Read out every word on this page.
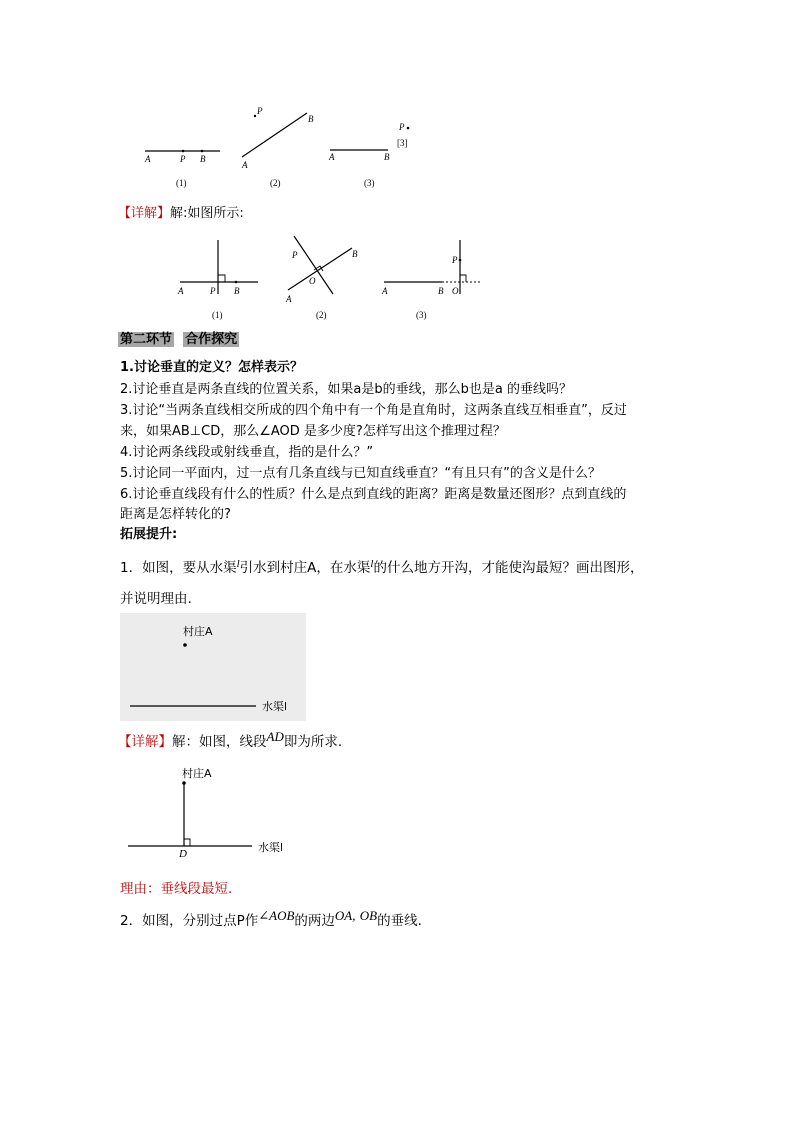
A	P B
(1)
P
A
B
(2)
P
A	B
[3]
(3)
【详解】解:如图所示:
A	P B
(1)
P
A
B
O
(2)
P
A	B O
(3)
第二环节 合作探究
1.讨论垂直的定义？怎样表示？
2.讨论垂直是两条直线的位置关系，如果a是b的垂线，那么b也是a 的垂线吗？
3.讨论“当两条直线相交所成的四个角中有一个角是直角时，这两条直线互相垂直”，反过
来，如果AB⊥CD，那么∠AOD 是多少度?怎样写出这个推理过程？
4.讨论两条线段或射线垂直，指的是什么？”
5.讨论同一平面内，过一点有几条直线与已知直线垂直？“有且只有”的含义是什么？
6.讨论垂直线段有什么的性质？什么是点到直线的距离？距离是数量还图形？点到直线的
距离是怎样转化的?
拓展提升:
1．如图，要从水渠$^l$引水到村庄A，在水渠$^l$的什么地方开沟，才能使沟最短？画出图形，
并说明理由.
村庄A
水渠l
【详解】解：如图，线段AD即为所求.
村庄A
水渠l
D
理由：垂线段最短.
2．如图，分别过点P作∠AOB的两边OA, OB的垂线.
